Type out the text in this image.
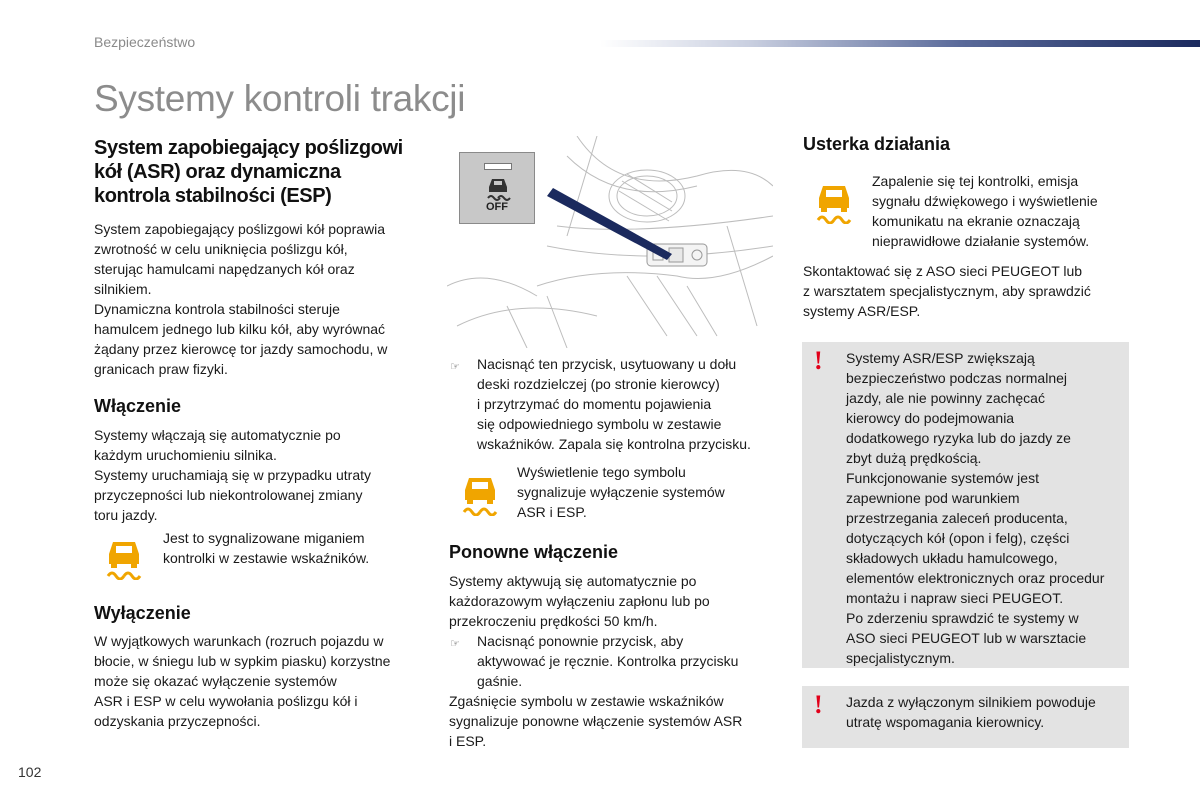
Bezpieczeństwo
Systemy kontroli trakcji
System zapobiegający poślizgowi
kół (ASR) oraz dynamiczna
kontrola stabilności (ESP)
System zapobiegający poślizgowi kół poprawia
zwrotność w celu uniknięcia poślizgu kół,
sterując hamulcami napędzanych kół oraz
silnikiem.
Dynamiczna kontrola stabilności steruje
hamulcem jednego lub kilku kół, aby wyrównać
żądany przez kierowcę tor jazdy samochodu, w
granicach praw fizyki.
Włączenie
Systemy włączają się automatycznie po
każdym uruchomieniu silnika.
Systemy uruchamiają się w przypadku utraty
przyczepności lub niekontrolowanej zmiany
toru jazdy.
Jest to sygnalizowane miganiem
kontrolki w zestawie wskaźników.
Wyłączenie
W wyjątkowych warunkach (rozruch pojazdu w
błocie, w śniegu lub w sypkim piasku) korzystne
może się okazać wyłączenie systemów
ASR i ESP w celu wywołania poślizgu kół i
odzyskania przyczepności.
OFF
☞ Nacisnąć ten przycisk, usytuowany u dołu
deski rozdzielczej (po stronie kierowcy)
i przytrzymać do momentu pojawienia
się odpowiedniego symbolu w zestawie
wskaźników. Zapala się kontrolna przycisku.
Wyświetlenie tego symbolu
sygnalizuje wyłączenie systemów
ASR i ESP.
Ponowne włączenie
Systemy aktywują się automatycznie po
każdorazowym wyłączeniu zapłonu lub po
przekroczeniu prędkości 50 km/h.
☞ Nacisnąć ponownie przycisk, aby
aktywować je ręcznie. Kontrolka przycisku
gaśnie.
Zgaśnięcie symbolu w zestawie wskaźników
sygnalizuje ponowne włączenie systemów ASR
i ESP.
Usterka działania
Zapalenie się tej kontrolki, emisja
sygnału dźwiękowego i wyświetlenie
komunikatu na ekranie oznaczają
nieprawidłowe działanie systemów.
Skontaktować się z ASO sieci PEUGEOT lub
z warsztatem specjalistycznym, aby sprawdzić
systemy ASR/ESP.
! Systemy ASR/ESP zwiększają
bezpieczeństwo podczas normalnej
jazdy, ale nie powinny zachęcać
kierowcy do podejmowania
dodatkowego ryzyka lub do jazdy ze
zbyt dużą prędkością.
Funkcjonowanie systemów jest
zapewnione pod warunkiem
przestrzegania zaleceń producenta,
dotyczących kół (opon i felg), części
składowych układu hamulcowego,
elementów elektronicznych oraz procedur
montażu i napraw sieci PEUGEOT.
Po zderzeniu sprawdzić te systemy w
ASO sieci PEUGEOT lub w warsztacie
specjalistycznym.
! Jazda z wyłączonym silnikiem powoduje
utratę wspomagania kierownicy.
102
